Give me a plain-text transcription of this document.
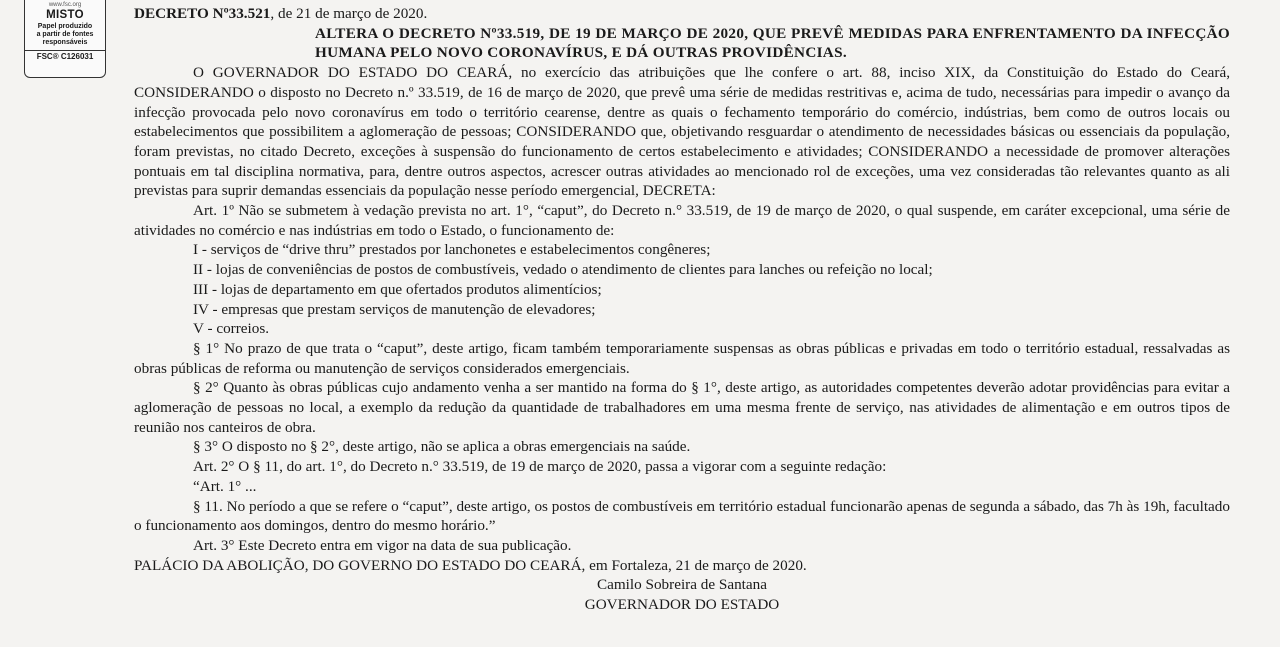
www.fsc.org
MISTO
Papel produzido
a partir de fontes
responsáveis
FSC® C126031

DECRETO Nº33.521, de 21 de março de 2020.

ALTERA O DECRETO Nº33.519, DE 19 DE MARÇO DE 2020, QUE PREVÊ MEDIDAS PARA ENFRENTAMENTO DA INFECÇÃO HUMANA PELO NOVO CORONAVÍRUS, E DÁ OUTRAS PROVIDÊNCIAS.

O GOVERNADOR DO ESTADO DO CEARÁ, no exercício das atribuições que lhe confere o art. 88, inciso XIX, da Constituição do Estado do Ceará, CONSIDERANDO o disposto no Decreto n.º 33.519, de 16 de março de 2020, que prevê uma série de medidas restritivas e, acima de tudo, necessárias para impedir o avanço da infecção provocada pelo novo coronavírus em todo o território cearense, dentre as quais o fechamento temporário do comércio, indústrias, bem como de outros locais ou estabelecimentos que possibilitem a aglomeração de pessoas; CONSIDERANDO que, objetivando resguardar o atendimento de necessidades básicas ou essenciais da população, foram previstas, no citado Decreto, exceções à suspensão do funcionamento de certos estabelecimento e atividades; CONSIDERANDO a necessidade de promover alterações pontuais em tal disciplina normativa, para, dentre outros aspectos, acrescer outras atividades ao mencionado rol de exceções, uma vez consideradas tão relevantes quanto as ali previstas para suprir demandas essenciais da população nesse período emergencial, DECRETA:

Art. 1º Não se submetem à vedação prevista no art. 1°, “caput”, do Decreto n.° 33.519, de 19 de março de 2020, o qual suspende, em caráter excepcional, uma série de atividades no comércio e nas indústrias em todo o Estado, o funcionamento de:

I - serviços de “drive thru” prestados por lanchonetes e estabelecimentos congêneres;

II - lojas de conveniências de postos de combustíveis, vedado o atendimento de clientes para lanches ou refeição no local;

III - lojas de departamento em que ofertados produtos alimentícios;

IV - empresas que prestam serviços de manutenção de elevadores;

V - correios.

§ 1° No prazo de que trata o “caput”, deste artigo, ficam também temporariamente suspensas as obras públicas e privadas em todo o território estadual, ressalvadas as obras públicas de reforma ou manutenção de serviços considerados emergenciais.

§ 2° Quanto às obras públicas cujo andamento venha a ser mantido na forma do § 1°, deste artigo, as autoridades competentes deverão adotar providências para evitar a aglomeração de pessoas no local, a exemplo da redução da quantidade de trabalhadores em uma mesma frente de serviço, nas atividades de alimentação e em outros tipos de reunião nos canteiros de obra.

§ 3° O disposto no § 2°, deste artigo, não se aplica a obras emergenciais na saúde.

Art. 2° O § 11, do art. 1°, do Decreto n.° 33.519, de 19 de março de 2020, passa a vigorar com a seguinte redação:

“Art. 1° ...

§ 11. No período a que se refere o “caput”, deste artigo, os postos de combustíveis em território estadual funcionarão apenas de segunda a sábado, das 7h às 19h, facultado o funcionamento aos domingos, dentro do mesmo horário.”

Art. 3° Este Decreto entra em vigor na data de sua publicação.

PALÁCIO DA ABOLIÇÃO, DO GOVERNO DO ESTADO DO CEARÁ, em Fortaleza, 21 de março de 2020.

Camilo Sobreira de Santana

GOVERNADOR DO ESTADO
